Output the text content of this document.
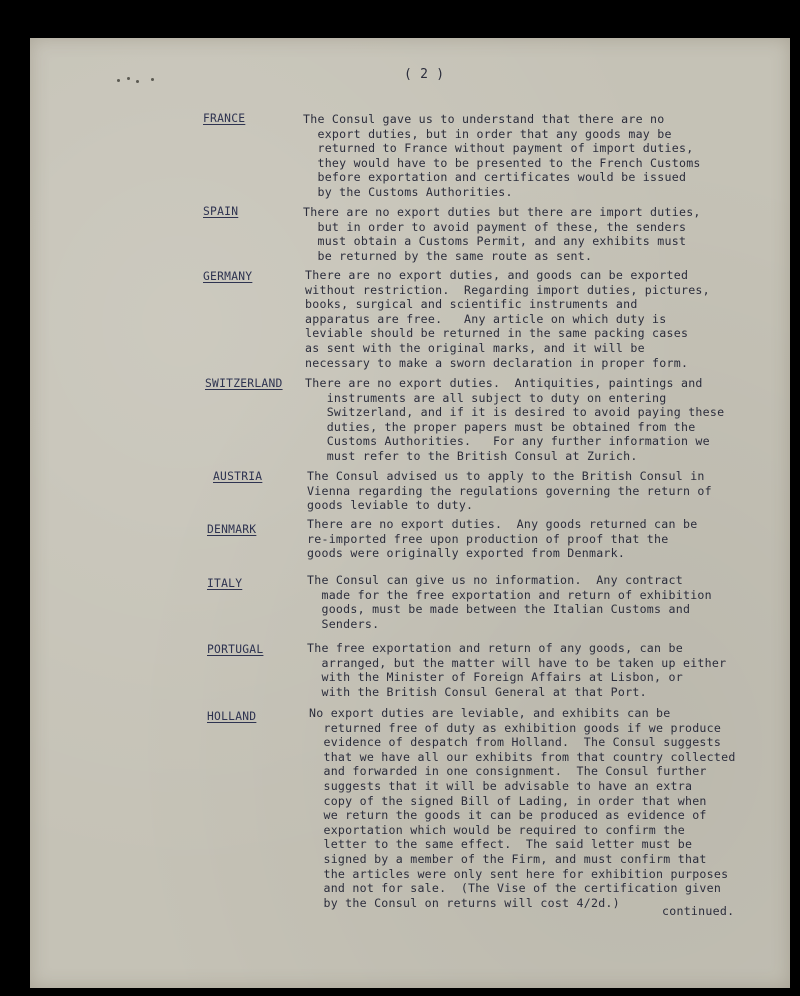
( 2 )
FRANCE	The Consul gave us to understand that there are no
export duties, but in order that any goods may be
returned to France without payment of import duties,
they would have to be presented to the French Customs
before exportation and certificates would be issued
by the Customs Authorities.

SPAIN	There are no export duties but there are import duties,
but in order to avoid payment of these, the senders
must obtain a Customs Permit, and any exhibits must
be returned by the same route as sent.

GERMANY	There are no export duties, and goods can be exported
without restriction.  Regarding import duties, pictures,
books, surgical and scientific instruments and
apparatus are free.   Any article on which duty is
leviable should be returned in the same packing cases
as sent with the original marks, and it will be
necessary to make a sworn declaration in proper form.

SWITZERLAND There are no export duties.  Antiquities, paintings and
instruments are all subject to duty on entering
Switzerland, and if it is desired to avoid paying these
duties, the proper papers must be obtained from the
Customs Authorities.   For any further information we
must refer to the British Consul at Zurich.

AUSTRIA	The Consul advised us to apply to the British Consul in
Vienna regarding the regulations governing the return of
goods leviable to duty.

DENMARK	There are no export duties.  Any goods returned can be
re-imported free upon production of proof that the
goods were originally exported from Denmark.

ITALY	The Consul can give us no information.  Any contract
made for the free exportation and return of exhibition
goods, must be made between the Italian Customs and
Senders.

PORTUGAL	The free exportation and return of any goods, can be
arranged, but the matter will have to be taken up either
with the Minister of Foreign Affairs at Lisbon, or
with the British Consul General at that Port.

HOLLAND	No export duties are leviable, and exhibits can be
returned free of duty as exhibition goods if we produce
evidence of despatch from Holland.  The Consul suggests
that we have all our exhibits from that country collected
and forwarded in one consignment.  The Consul further
suggests that it will be advisable to have an extra
copy of the signed Bill of Lading, in order that when
we return the goods it can be produced as evidence of
exportation which would be required to confirm the
letter to the same effect.  The said letter must be
signed by a member of the Firm, and must confirm that
the articles were only sent here for exhibition purposes
and not for sale.  (The Vise of the certification given
by the Consul on returns will cost 4/2d.)

continued.
